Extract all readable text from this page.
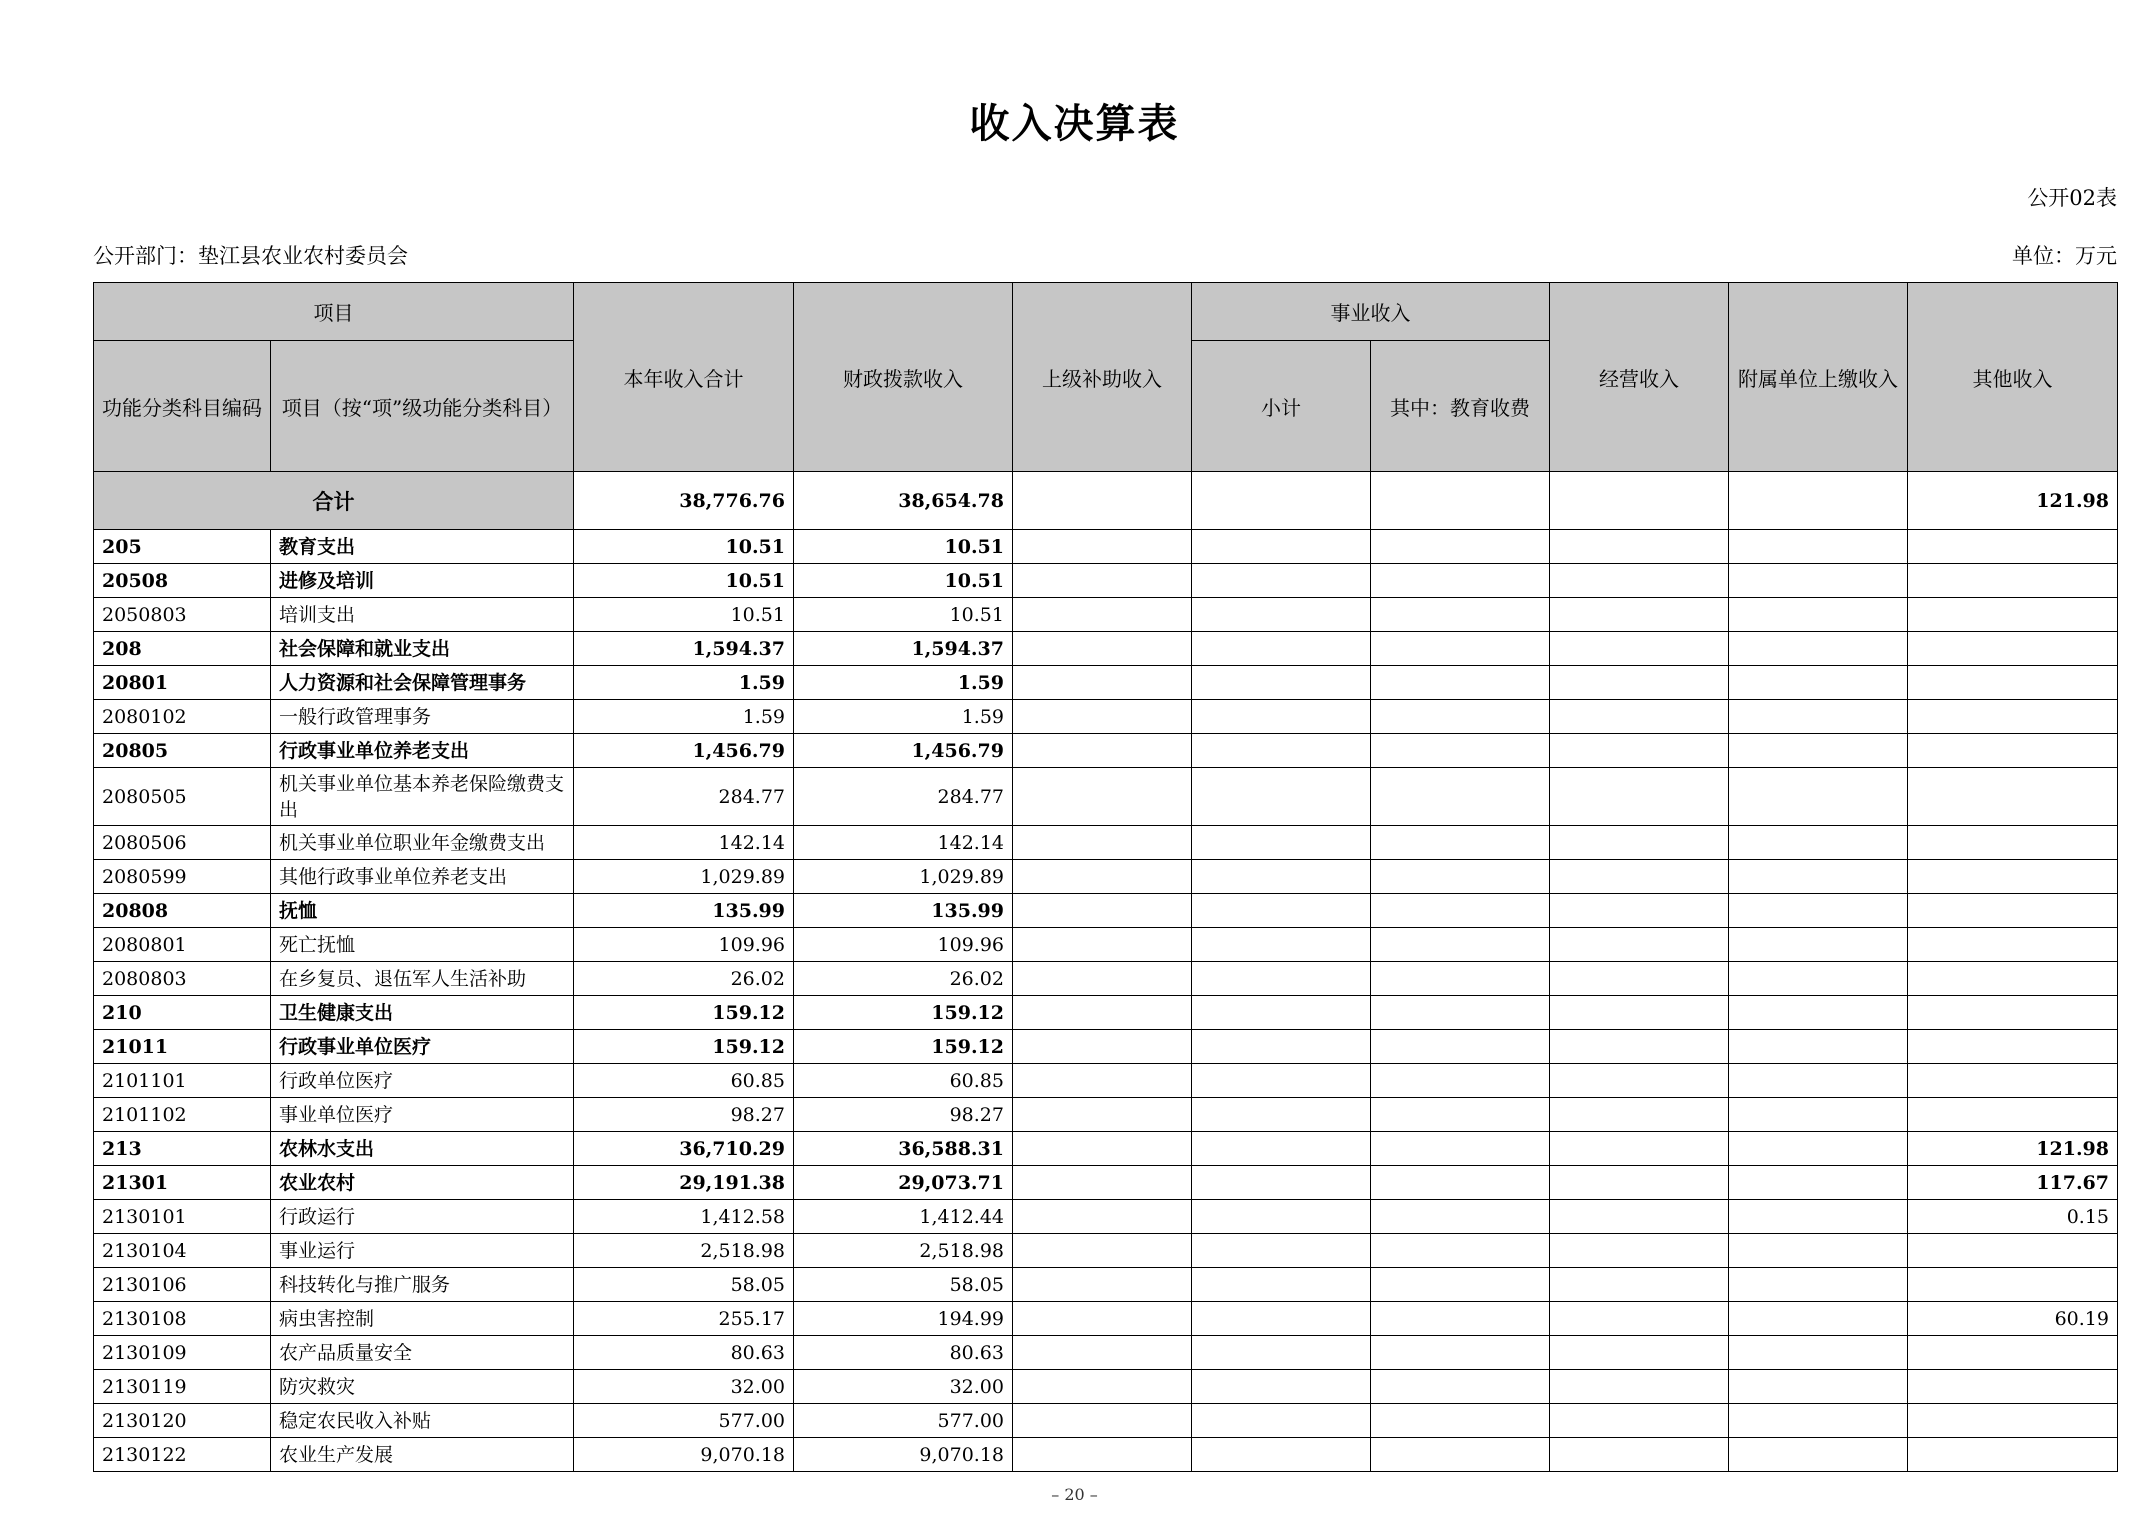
收入决算表
公开02表
公开部门：垫江县农业农村委员会	单位：万元
项目		本年收入合计	财政拨款收入	上级补助收入	事业收入		经营收入	附属单位上缴收入	其他收入
功能分类科目编码	项目（按“项”级功能分类科目）				小计	其中：教育收费			
合计		38,776.76	38,654.78						121.98
205	教育支出	10.51	10.51						
20508	进修及培训	10.51	10.51						
2050803	培训支出	10.51	10.51						
208	社会保障和就业支出	1,594.37	1,594.37						
20801	人力资源和社会保障管理事务	1.59	1.59						
2080102	一般行政管理事务	1.59	1.59						
20805	行政事业单位养老支出	1,456.79	1,456.79						
2080505	机关事业单位基本养老保险缴费支出	284.77	284.77						
2080506	机关事业单位职业年金缴费支出	142.14	142.14						
2080599	其他行政事业单位养老支出	1,029.89	1,029.89						
20808	抚恤	135.99	135.99						
2080801	死亡抚恤	109.96	109.96						
2080803	在乡复员、退伍军人生活补助	26.02	26.02						
210	卫生健康支出	159.12	159.12						
21011	行政事业单位医疗	159.12	159.12						
2101101	行政单位医疗	60.85	60.85						
2101102	事业单位医疗	98.27	98.27						
213	农林水支出	36,710.29	36,588.31						121.98
21301	农业农村	29,191.38	29,073.71						117.67
2130101	行政运行	1,412.58	1,412.44						0.15
2130104	事业运行	2,518.98	2,518.98						
2130106	科技转化与推广服务	58.05	58.05						
2130108	病虫害控制	255.17	194.99						60.19
2130109	农产品质量安全	80.63	80.63						
2130119	防灾救灾	32.00	32.00						
2130120	稳定农民收入补贴	577.00	577.00						
2130122	农业生产发展	9,070.18	9,070.18						
– 20 –
